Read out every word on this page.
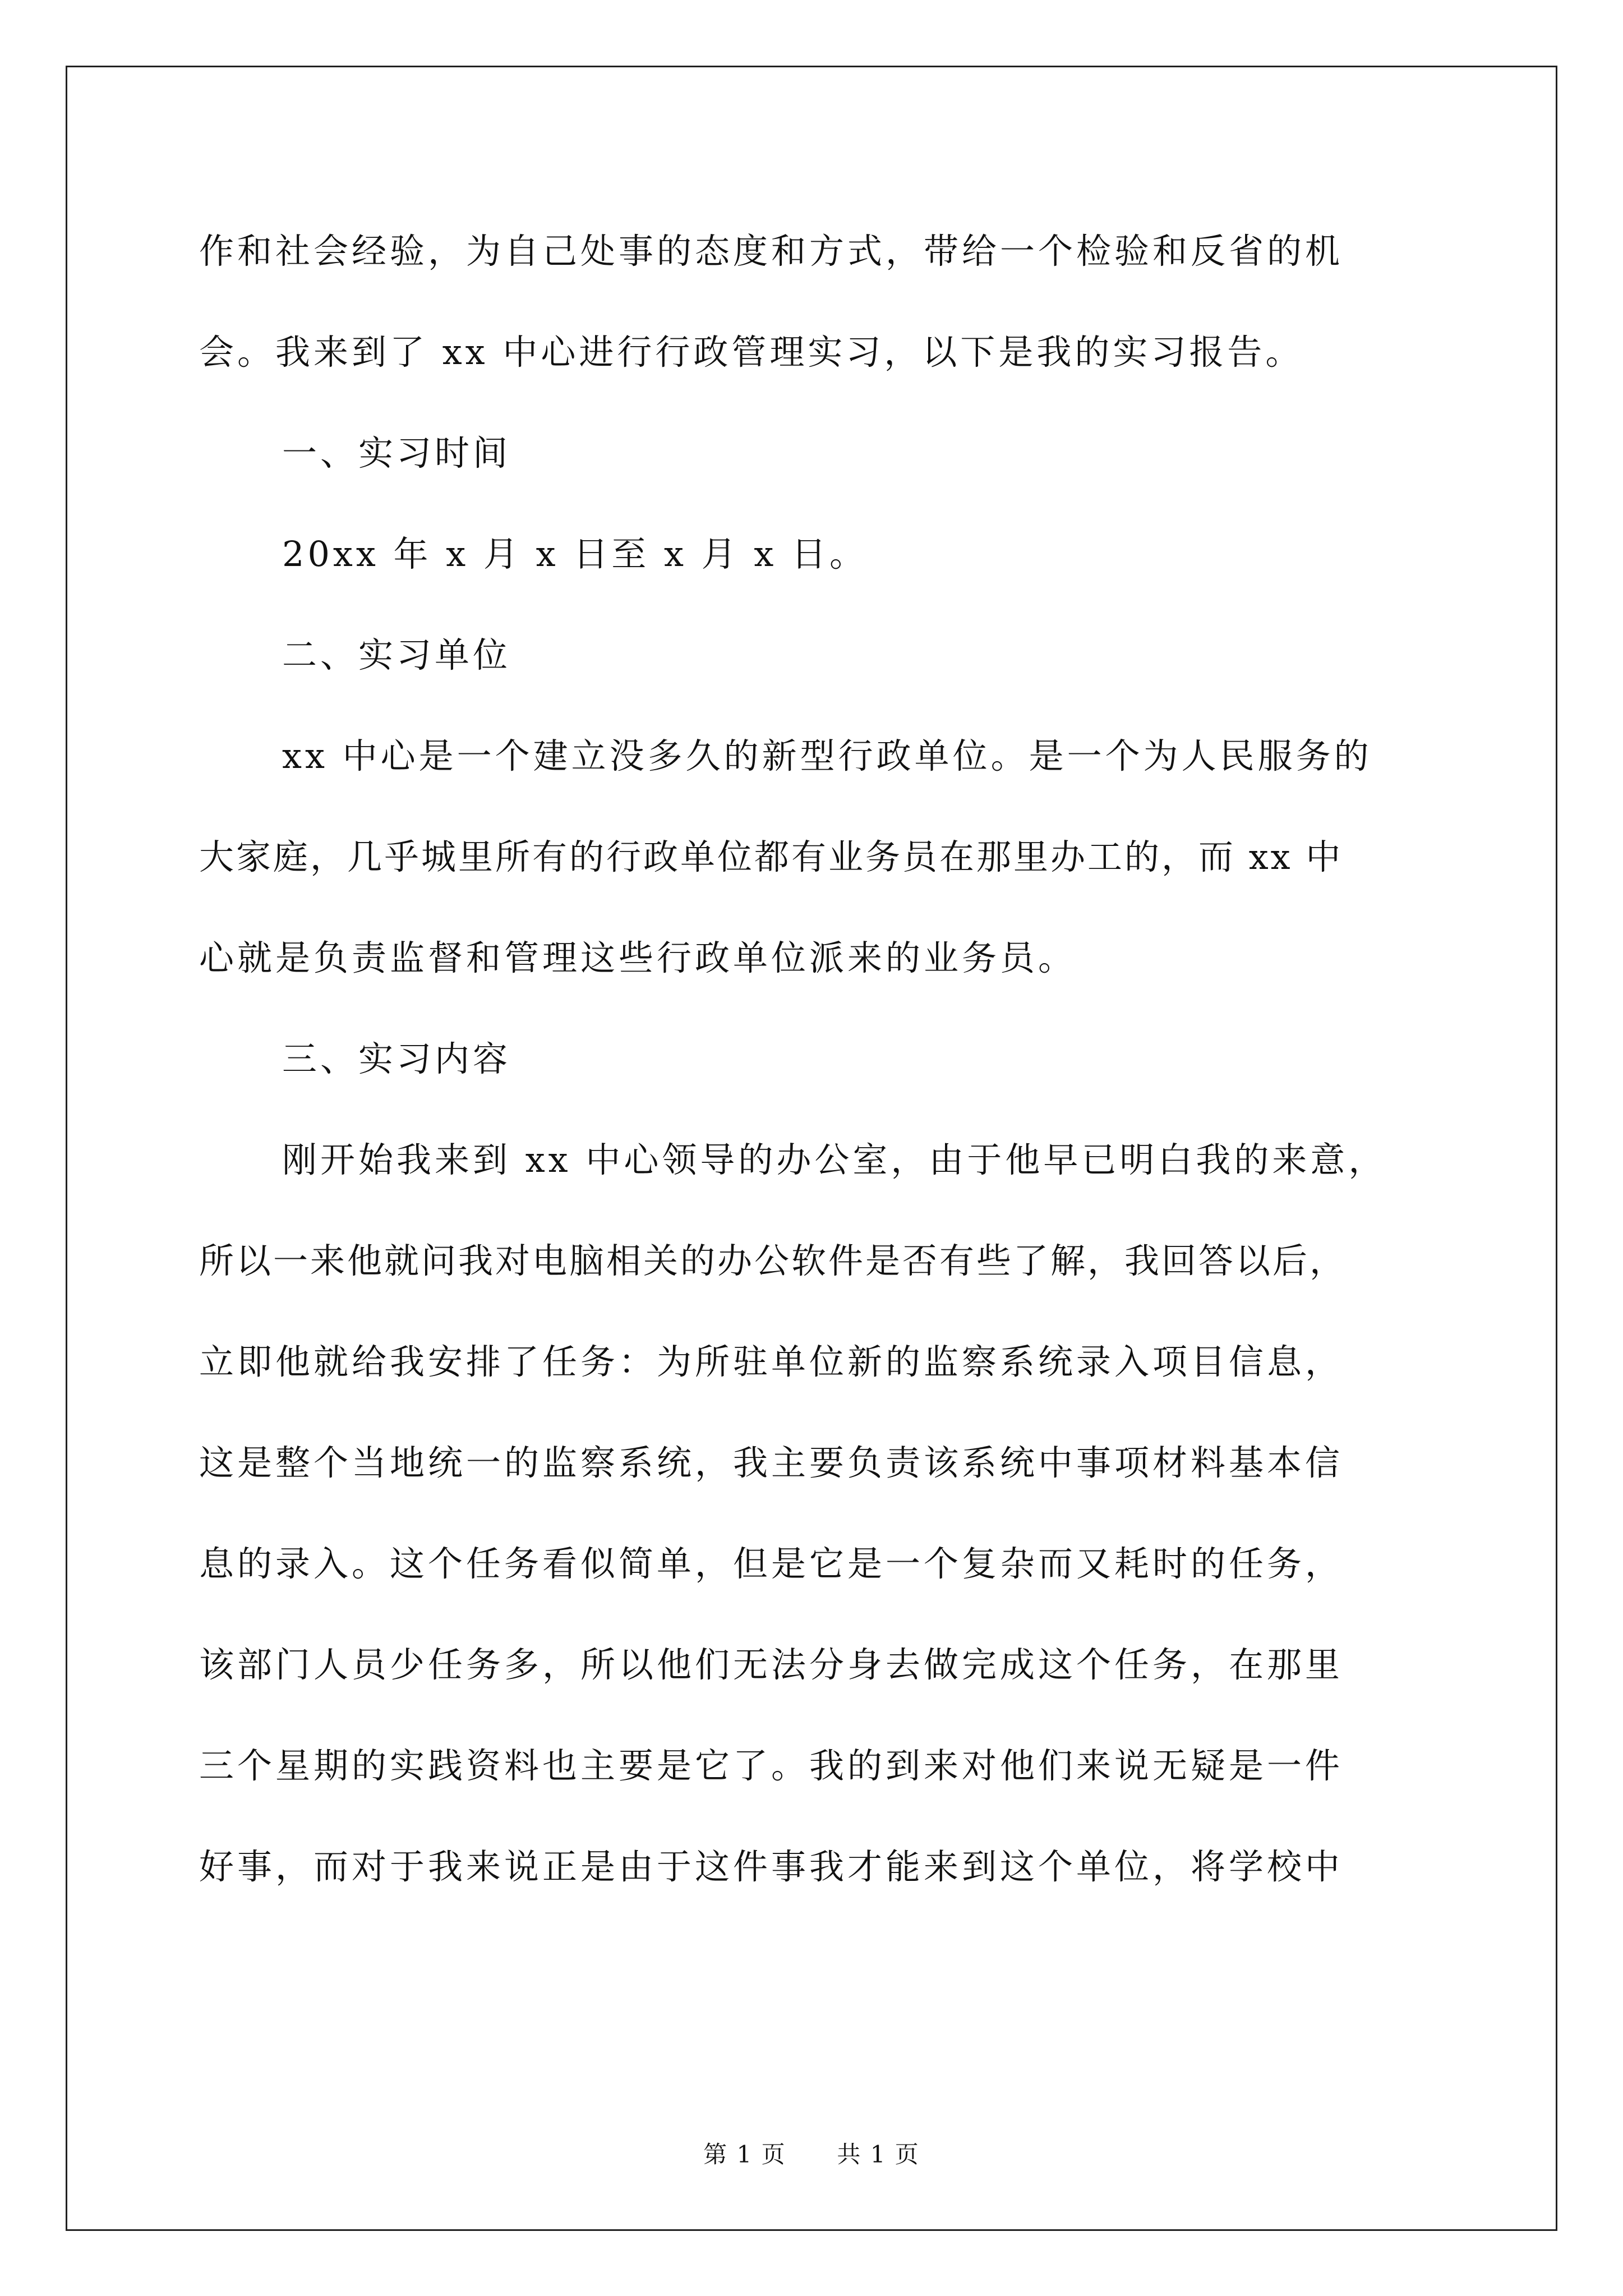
作和社会经验，为自己处事的态度和方式，带给一个检验和反省的机
会。我来到了 xx 中心进行行政管理实习，以下是我的实习报告。
一、实习时间
20xx 年 x 月 x 日至 x 月 x 日。
二、实习单位
xx 中心是一个建立没多久的新型行政单位。是一个为人民服务的
大家庭，几乎城里所有的行政单位都有业务员在那里办工的，而 xx 中
心就是负责监督和管理这些行政单位派来的业务员。
三、实习内容
刚开始我来到 xx 中心领导的办公室，由于他早已明白我的来意，
所以一来他就问我对电脑相关的办公软件是否有些了解，我回答以后，
立即他就给我安排了任务：为所驻单位新的监察系统录入项目信息，
这是整个当地统一的监察系统，我主要负责该系统中事项材料基本信
息的录入。这个任务看似简单，但是它是一个复杂而又耗时的任务，
该部门人员少任务多，所以他们无法分身去做完成这个任务，在那里
三个星期的实践资料也主要是它了。我的到来对他们来说无疑是一件
好事，而对于我来说正是由于这件事我才能来到这个单位，将学校中
第 1 页 共 1 页
